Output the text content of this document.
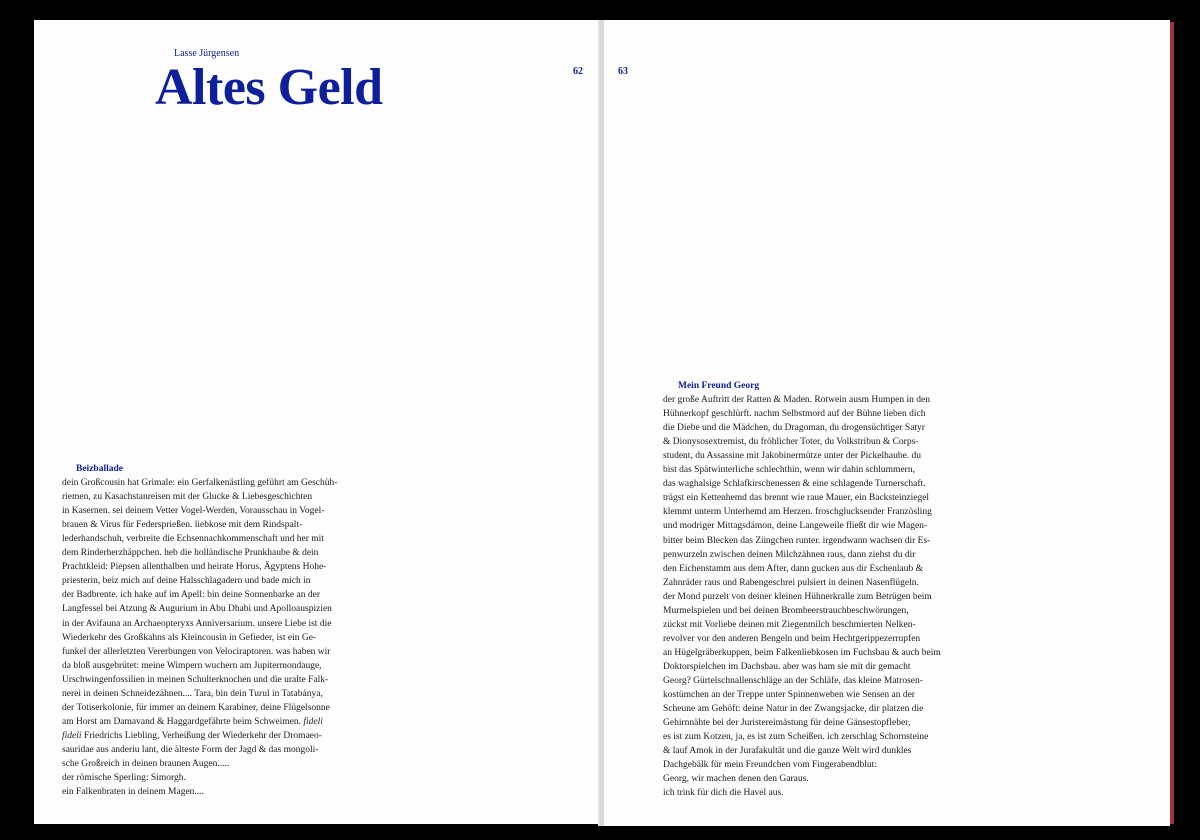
Lasse Jürgensen
Altes Geld	62	63
Beizballade
dein Großcousin hat Grimale: ein Gerfalkenästling geführt am Geschüh-
riemen, zu Kasachstanreisen mit der Glucke & Liebesgeschichten
in Kasernen. sei deinem Vetter Vogel-Werden, Vorausschau in Vogel-
brauen & Virus für Federsprießen. liebkose mit dem Rindspalt-
lederhandschuh, verbreite die Echsennachkommenschaft und her mit
dem Rinderherzhäppchen. heb die holländische Prunkhaube & dein
Prachtkleid: Piepsen allenthalben und heirate Horus, Ägyptens Hohe-
priesterin, beiz mich auf deine Halsschlagadern und bade mich in
der Badbrente. ich hake auf im Apell: bin deine Sonnenbarke an der
Langfessel bei Atzung & Augurium in Abu Dhabi und Apolloauspizien
in der Avifauna an Archaeopteryxs Anniversarium. unsere Liebe ist die
Wiederkehr des Großkahns als Kleincousin in Gefieder, ist ein Ge-
funkel der allerletzten Vererbungen von Velociraptoren. was haben wir
da bloß ausgebrütet: meine Wimpern wuchern am Jupitermondauge,
Urschwingenfossilien in meinen Schulterknochen und die uralte Falk-
nerei in deinen Schneidezähnen.... Tara, bin dein Turul in Tatabánya,
der Totiserkolonie, für immer an deinem Karabiner, deine Flügelsonne
am Horst am Damavand & Haggardgefährte beim Schweimen. fideli
fideli Friedrichs Liebling, Verheißung der Wiederkehr der Dromaeo-
sauridae aus anderiu lant, die älteste Form der Jagd & das mongoli-
sche Großreich in deinen braunen Augen.....
der römische Sperling: Simorgh.
ein Falkenbraten in deinem Magen....
Mein Freund Georg
der große Auftritt der Ratten & Maden. Rotwein ausm Humpen in den
Hühnerkopf geschlürft. nachm Selbstmord auf der Bühne lieben dich
die Diebe und die Mädchen, du Dragoman, du drogensüchtiger Satyr
& Dionysosextremist, du fröhlicher Toter, du Volkstribun & Corps-
student, du Assassine mit Jakobinermütze unter der Pickelhaube. du
bist das Spätwinterliche schlechthin, wenn wir dahin schlummern,
das waghalsige Schlafkirschenessen & eine schlagende Turnerschaft.
trägst ein Kettenhemd das brennt wie raue Mauer, ein Backsteinziegel
klemmt unterm Unterhemd am Herzen. froschglucksender Französling
und modriger Mittagsdämon, deine Langeweile fließt dir wie Magen-
bitter beim Blecken das Züngchen runter. irgendwann wachsen dir Es-
penwurzeln zwischen deinen Milchzähnen raus, dann ziehst du dir
den Eichenstamm aus dem After, dann gucken aus dir Eschenlaub &
Zahnräder raus und Rabengeschrei pulsiert in deinen Nasenflügeln.
der Mond purzelt von deiner kleinen Hühnerkralle zum Betrügen beim
Murmelspielen und bei deinen Brombeerstrauchbeschwörungen,
zückst mit Vorliebe deinen mit Ziegenmilch beschmierten Nelken-
revolver vor den anderen Bengeln und beim Hechtgerippezerrupfen
an Hügelgräberkuppen, beim Falkenliebkosen im Fuchsbau & auch beim
Doktorspielchen im Dachsbau. aber was ham sie mit dir gemacht
Georg? Gürtelschnallenschläge an der Schläfe, das kleine Matrosen-
kostümchen an der Treppe unter Spinnenweben wie Sensen an der
Scheune am Gehöft: deine Natur in der Zwangsjacke, dir platzen die
Gehirnnähte bei der Juristereimästung für deine Gänsestopfleber,
es ist zum Kotzen, ja, es ist zum Scheißen. ich zerschlag Schornsteine
& lauf Amok in der Jurafakultät und die ganze Welt wird dunkles
Dachgebälk für mein Freundchen vom Fingerabendblut:
Georg, wir machen denen den Garaus.
ich trink für dich die Havel aus.
